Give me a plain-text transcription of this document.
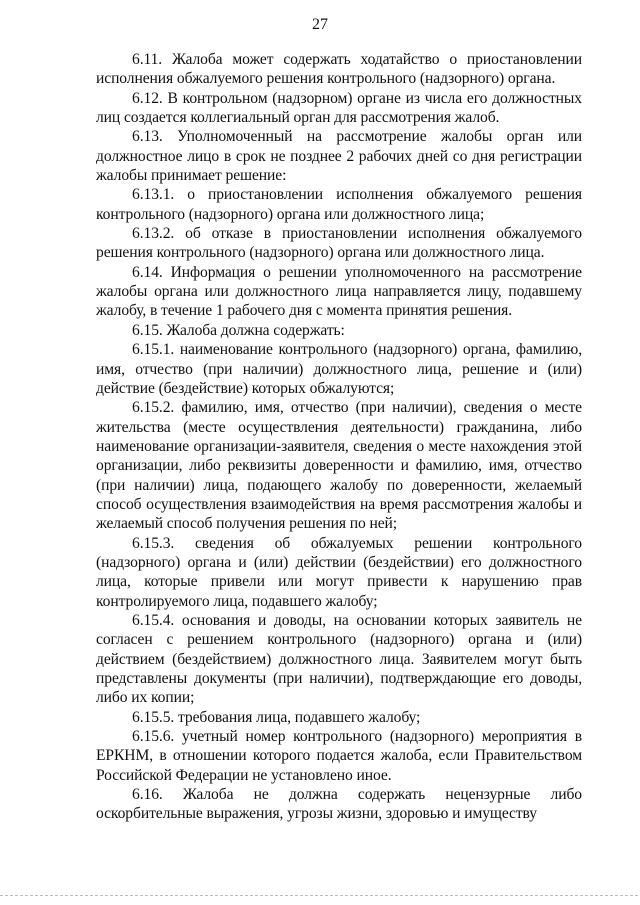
27

6.11. Жалоба может содержать ходатайство о приостановлении исполнения обжалуемого решения контрольного (надзорного) органа.

6.12. В контрольном (надзорном) органе из числа его должностных лиц создается коллегиальный орган для рассмотрения жалоб.

6.13. Уполномоченный на рассмотрение жалобы орган или должностное лицо в срок не позднее 2 рабочих дней со дня регистрации жалобы принимает решение:

6.13.1. о приостановлении исполнения обжалуемого решения контрольного (надзорного) органа или должностного лица;

6.13.2. об отказе в приостановлении исполнения обжалуемого решения контрольного (надзорного) органа или должностного лица.

6.14. Информация о решении уполномоченного на рассмотрение жалобы органа или должностного лица направляется лицу, подавшему жалобу, в течение 1 рабочего дня с момента принятия решения.

6.15. Жалоба должна содержать:

6.15.1. наименование контрольного (надзорного) органа, фамилию, имя, отчество (при наличии) должностного лица, решение и (или) действие (бездействие) которых обжалуются;

6.15.2. фамилию, имя, отчество (при наличии), сведения о месте жительства (месте осуществления деятельности) гражданина, либо наименование организации-заявителя, сведения о месте нахождения этой организации, либо реквизиты доверенности и фамилию, имя, отчество (при наличии) лица, подающего жалобу по доверенности, желаемый способ осуществления взаимодействия на время рассмотрения жалобы и желаемый способ получения решения по ней;

6.15.3. сведения об обжалуемых решении контрольного (надзорного) органа и (или) действии (бездействии) его должностного лица, которые привели или могут привести к нарушению прав контролируемого лица, подавшего жалобу;

6.15.4. основания и доводы, на основании которых заявитель не согласен с решением контрольного (надзорного) органа и (или) действием (бездействием) должностного лица. Заявителем могут быть представлены документы (при наличии), подтверждающие его доводы, либо их копии;

6.15.5. требования лица, подавшего жалобу;

6.15.6. учетный номер контрольного (надзорного) мероприятия в ЕРКНМ, в отношении которого подается жалоба, если Правительством Российской Федерации не установлено иное.

6.16. Жалоба не должна содержать нецензурные либо оскорбительные выражения, угрозы жизни, здоровью и имуществу
